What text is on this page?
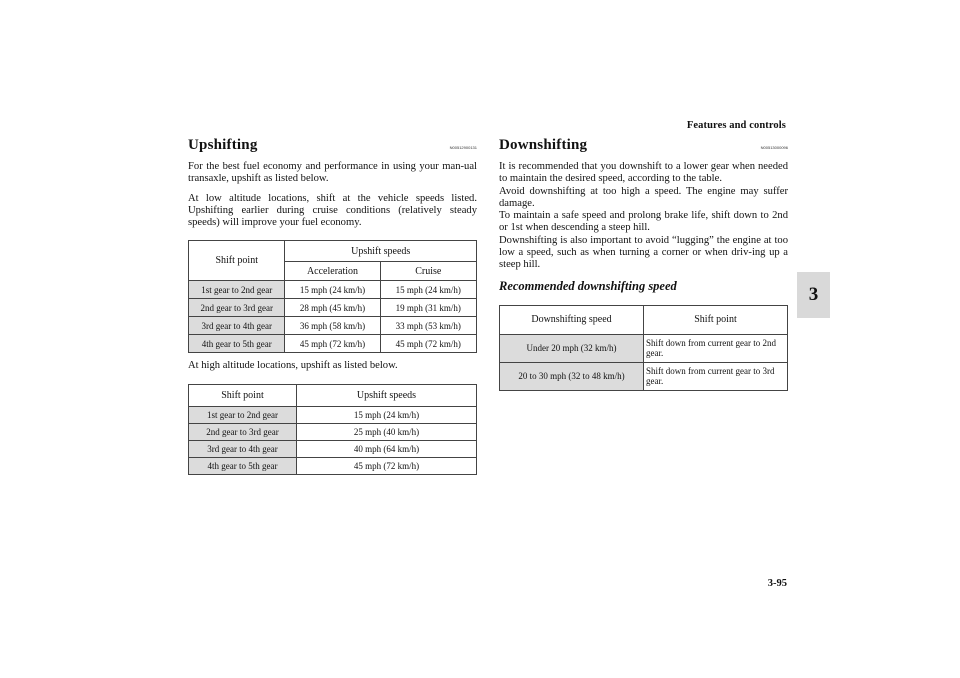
Features and controls
3
Upshifting	N00512900131

For the best fuel economy and performance in using your man-ual transaxle, upshift as listed below.

At low altitude locations, shift at the vehicle speeds listed. Upshifting earlier during cruise conditions (relatively steady speeds) will improve your fuel economy.

Shift point	Upshift speeds	
	Acceleration	Cruise
1st gear to 2nd gear	15 mph (24 km/h)	15 mph (24 km/h)
2nd gear to 3rd gear	28 mph (45 km/h)	19 mph (31 km/h)
3rd gear to 4th gear	36 mph (58 km/h)	33 mph (53 km/h)
4th gear to 5th gear	45 mph (72 km/h)	45 mph (72 km/h)

At high altitude locations, upshift as listed below.

Shift point	Upshift speeds
1st gear to 2nd gear	15 mph (24 km/h)
2nd gear to 3rd gear	25 mph (40 km/h)
3rd gear to 4th gear	40 mph (64 km/h)
4th gear to 5th gear	45 mph (72 km/h)
Downshifting	N00513000096

It is recommended that you downshift to a lower gear when needed to maintain the desired speed, according to the table.

Avoid downshifting at too high a speed. The engine may suffer damage.

To maintain a safe speed and prolong brake life, shift down to 2nd or 1st when descending a steep hill.

Downshifting is also important to avoid “lugging” the engine at too low a speed, such as when turning a corner or when driv-ing up a steep hill.

Recommended downshifting speed
Downshifting speed	Shift point
Under 20 mph (32 km/h)	Shift down from current gear to 2nd gear.
20 to 30 mph (32 to 48 km/h)	Shift down from current gear to 3rd gear.
3-95
